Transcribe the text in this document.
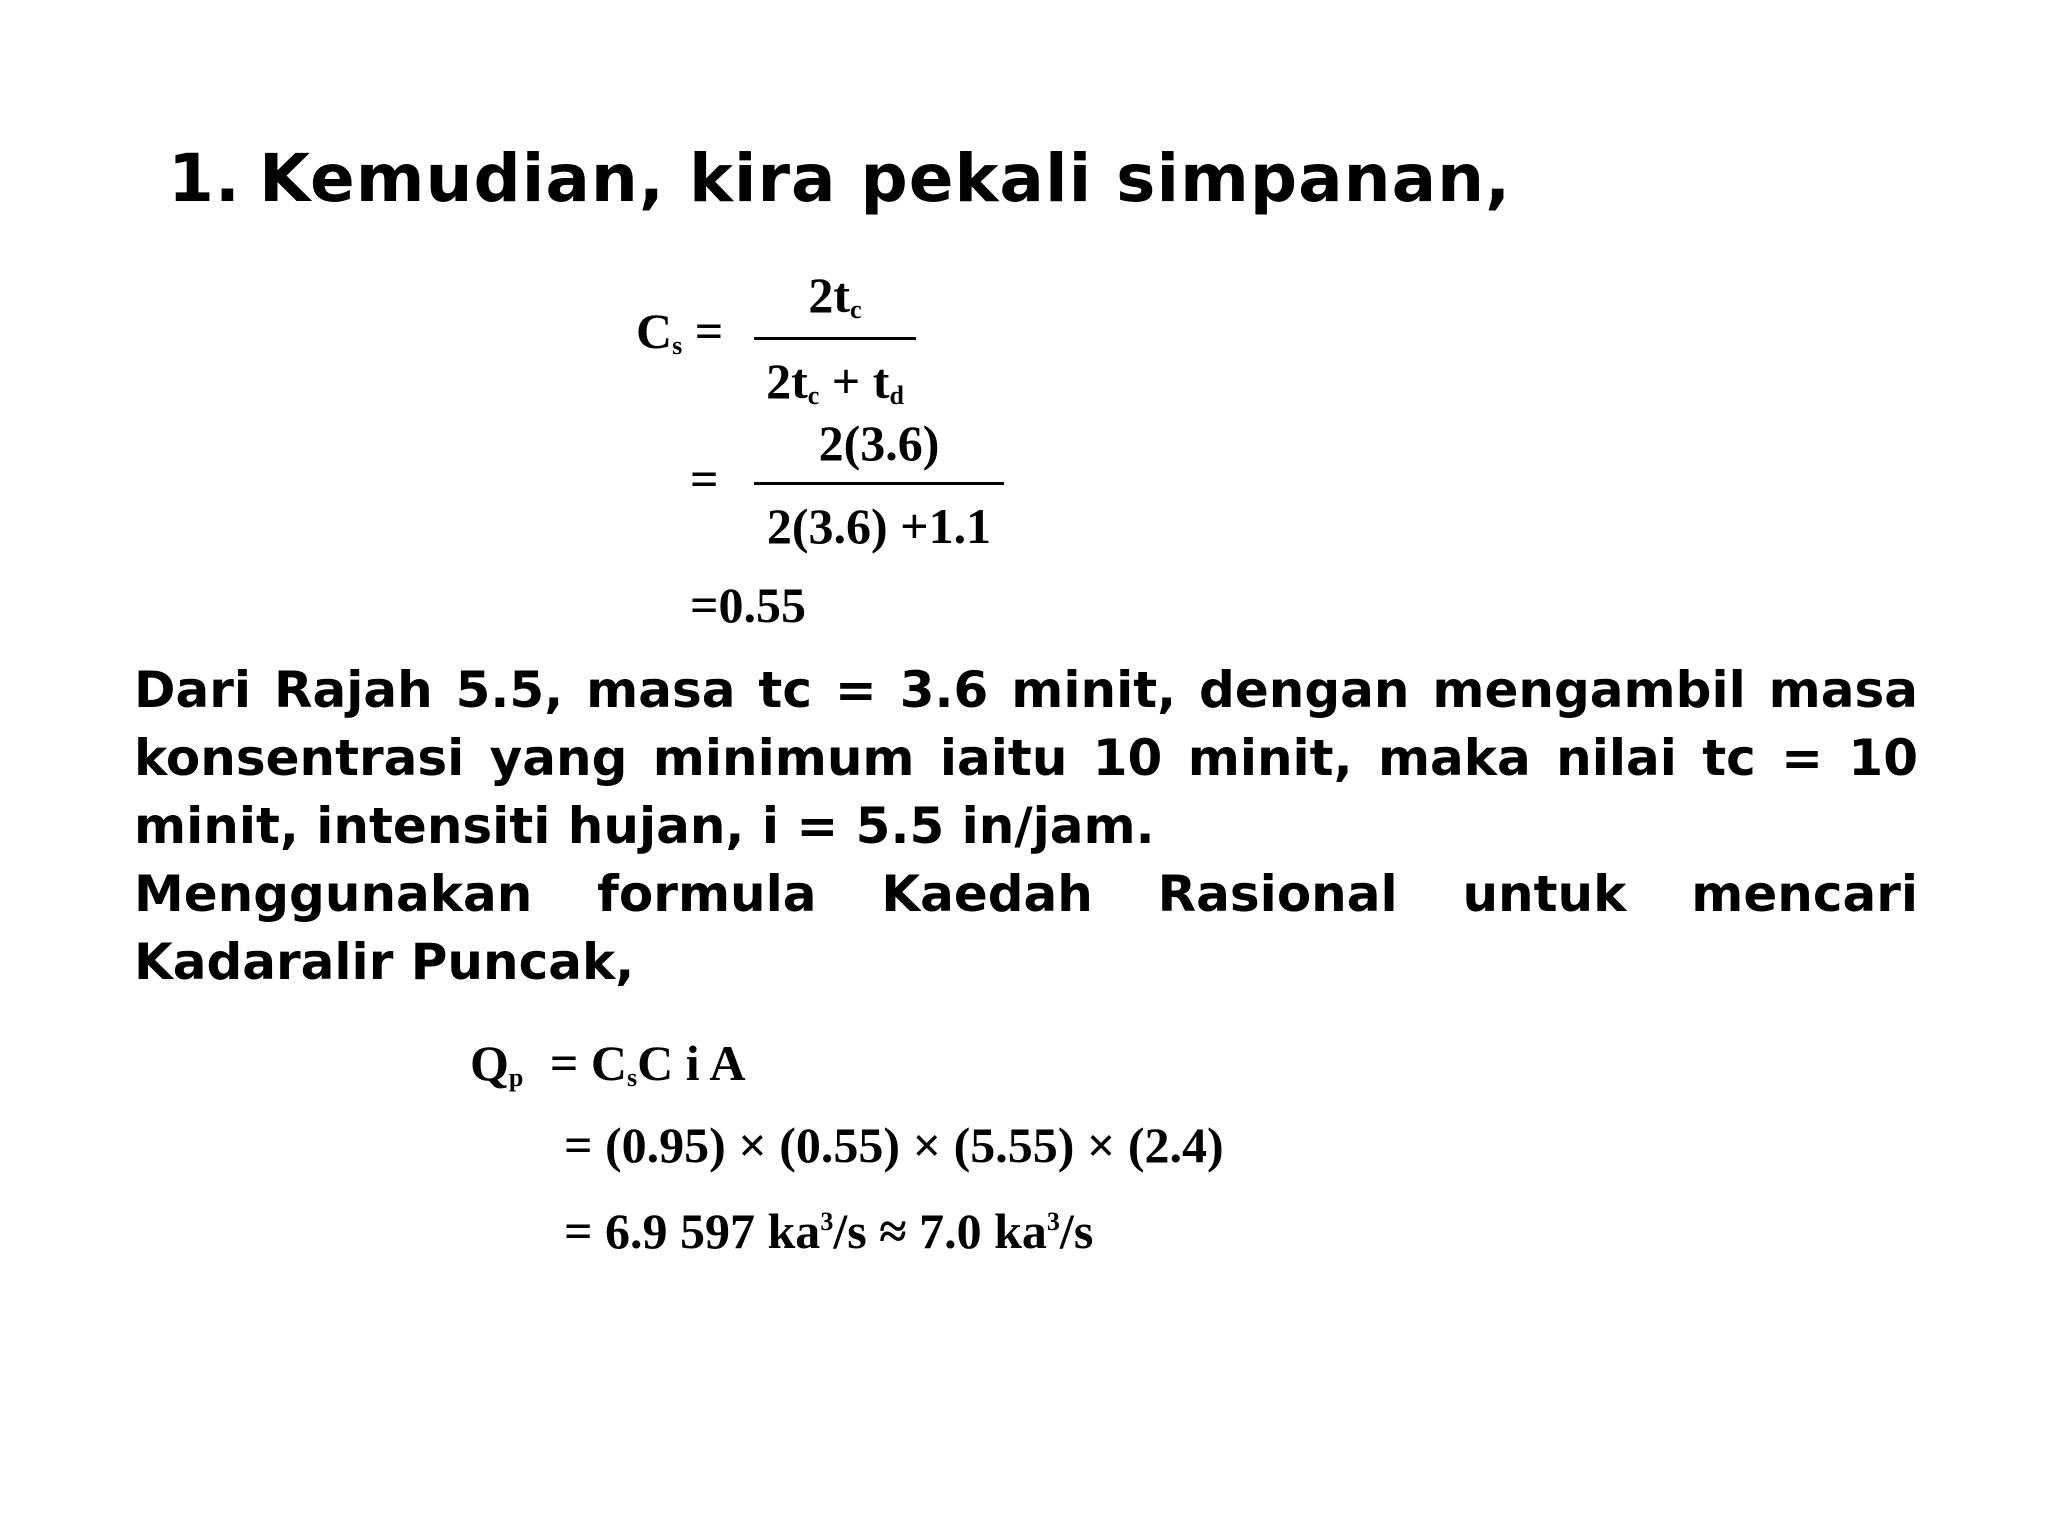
1. Kemudian, kira pekali simpanan,
$C_s$ =
$2t_c$
$2t_c + t_d$
=
2(3.6)
2(3.6) +1.1
=0.55
Dari Rajah 5.5, masa tc = 3.6 minit, dengan mengambil masa konsentrasi yang minimum iaitu 10 minit, maka nilai tc = 10 minit, intensiti hujan, i = 5.5 in/jam.
Menggunakan formula Kaedah Rasional untuk mencari Kadaralir Puncak,
$Q_p = C_sC$ i A
= (0.95) × (0.55) × (5.55) × (2.4)
= 6.9 597 $ka^3/s \approx 7.0$ $ka^3/s$
